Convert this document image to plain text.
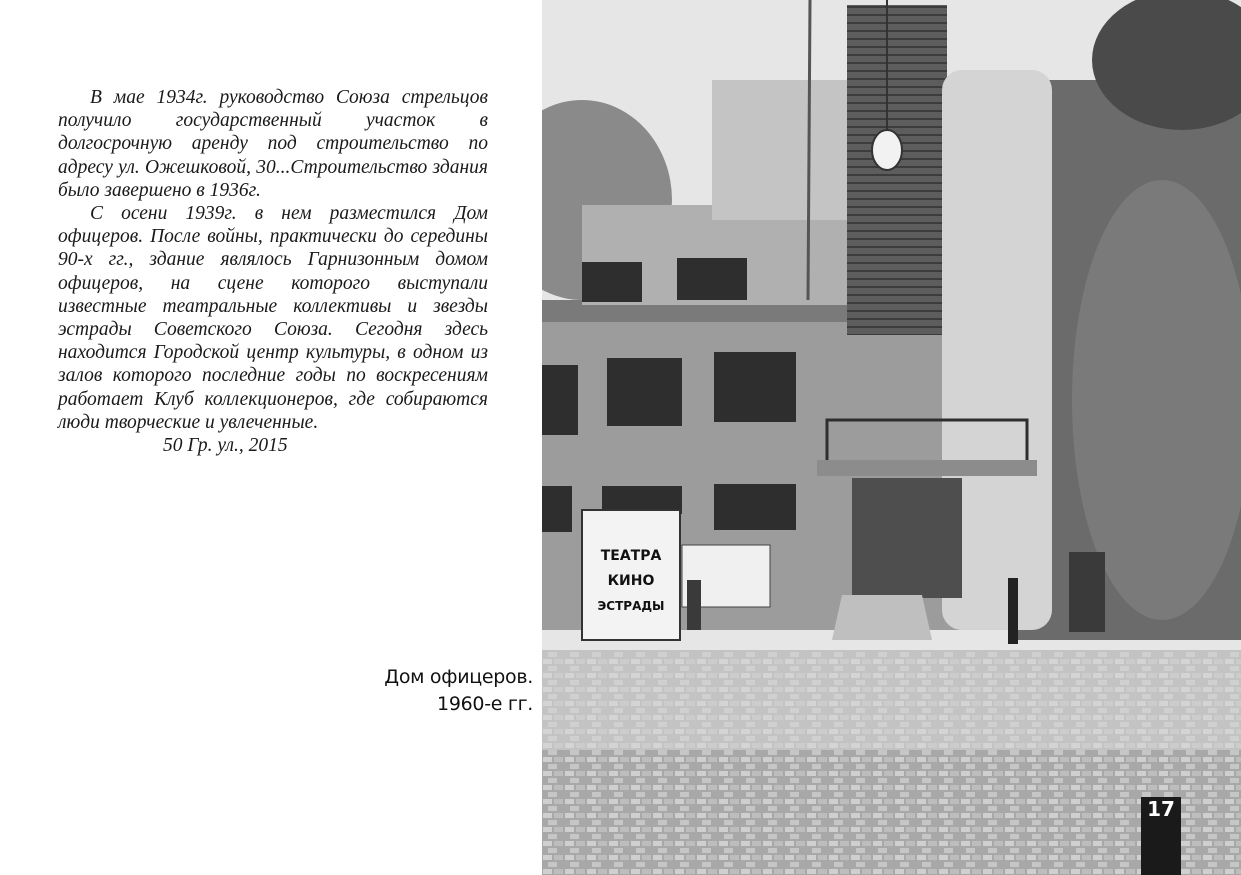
В мае 1934г. руководство Союза стрельцов получило государственный участок в долгосрочную аренду под строительство по адресу ул. Ожешковой, 30...Строительство здания было завершено в 1936г.

С осени 1939г. в нем разместился Дом офицеров. После войны, практически до середины 90-х гг., здание являлось Гарнизонным домом офицеров, на сцене которого выступали известные театральные коллективы и звезды эстрады Советского Союза. Сегодня здесь находится Городской центр культуры, в одном из залов которого последние годы по воскресениям работает Клуб коллекционеров, где собираются люди творческие и увлеченные.

50 Гр. ул., 2015

Дом офицеров.
1960-е гг.
ТЕАТРА
КИНО
ЭСТРАДЫ
17
